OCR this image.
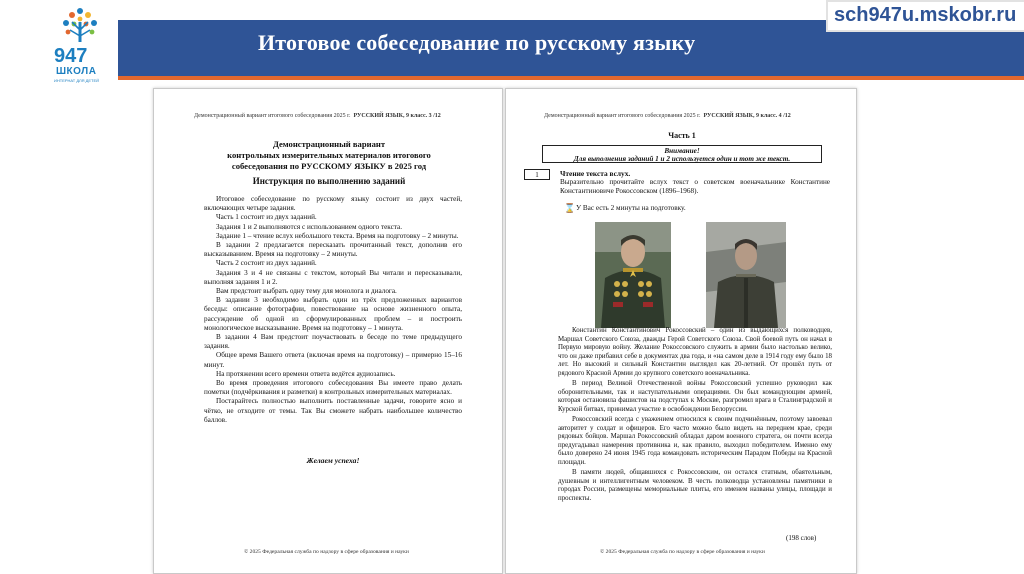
Итоговое собеседование по русскому языку
sch947u.mskobr.ru
947
ШКОЛА
ИНТЕРНАТ ДЛЯ ДЕТЕЙ
Демонстрационный вариант итогового собеседования 2025 г. РУССКИЙ ЯЗЫК, 9 класс. 3 /12
Демонстрационный вариант
контрольных измерительных материалов итогового
собеседования по РУССКОМУ ЯЗЫКУ в 2025 год
Инструкция по выполнению заданий

Итоговое собеседование по русскому языку состоит из двух частей, включающих четыре задания.

Часть 1 состоит из двух заданий.

Задания 1 и 2 выполняются с использованием одного текста.

Задание 1 – чтение вслух небольшого текста. Время на подготовку – 2 минуты.

В задании 2 предлагается пересказать прочитанный текст, дополнив его высказыванием. Время на подготовку – 2 минуты.

Часть 2 состоит из двух заданий.

Задания 3 и 4 не связаны с текстом, который Вы читали и пересказывали, выполняя задания 1 и 2.

Вам предстоит выбрать одну тему для монолога и диалога.

В задании 3 необходимо выбрать один из трёх предложенных вариантов беседы: описание фотографии, повествование на основе жизненного опыта, рассуждение об одной из сформулированных проблем – и построить монологическое высказывание. Время на подготовку – 1 минута.

В задании 4 Вам предстоит поучаствовать в беседе по теме предыдущего задания.

Общее время Вашего ответа (включая время на подготовку) – примерно 15–16 минут.

На протяжении всего времени ответа ведётся аудиозапись.

Во время проведения итогового собеседования Вы имеете право делать пометки (подчёркивания и разметки) в контрольных измерительных материалах.

Постарайтесь полностью выполнить поставленные задачи, говорите ясно и чётко, не отходите от темы. Так Вы сможете набрать наибольшее количество баллов.

Желаем успеха!
© 2025 Федеральная служба по надзору в сфере образования и науки
Демонстрационный вариант итогового собеседования 2025 г. РУССКИЙ ЯЗЫК, 9 класс. 4 /12
Часть 1
Внимание!
Для выполнения заданий 1 и 2 используется один и тот же текст.
1	Чтение текста вслух.
Выразительно прочитайте вслух текст о советском военачальнике Константине Константиновиче Рокоссовском (1896–1968).
⌛ У Вас есть 2 минуты на подготовку.

Константин Константинович Рокоссовский – один из выдающихся полководцев, Маршал Советского Союза, дважды Герой Советского Союза. Свой боевой путь он начал в Первую мировую войну. Желание Рокоссовского служить в армии было настолько велико, что он даже прибавил себе в документах два года, и «на самом деле в 1914 году ему было 18 лет. Но высокий и сильный Константин выглядел как 20-летний. От прошёл путь от рядового Красной Армии до крупного советского военачальника.

В период Великой Отечественной войны Рокоссовский успешно руководил как оборонительными, так и наступательными операциями. Он был командующим армией, которая остановила фашистов на подступах к Москве, разгромил врага в Сталинградской и Курской битвах, принимал участие в освобождении Белоруссии.

Рокоссовский всегда с уважением относился к своим подчинённым, поэтому завоевал авторитет у солдат и офицеров. Его часто можно было видеть на переднем крае, среди рядовых бойцов. Маршал Рокоссовский обладал даром военного стратега, он почти всегда предугадывал намерения противника и, как правило, выходил победителем. Именно ему было доверено 24 июня 1945 года командовать историческим Парадом Победы на Красной площади.

В памяти людей, общавшихся с Рокоссовским, он остался статным, обаятельным, душевным и интеллигентным человеком. В честь полководца установлены памятники в городах России, размещены мемориальные плиты, его именем названы улицы, площади и проспекты.

(198 слов)
© 2025 Федеральная служба по надзору в сфере образования и науки
